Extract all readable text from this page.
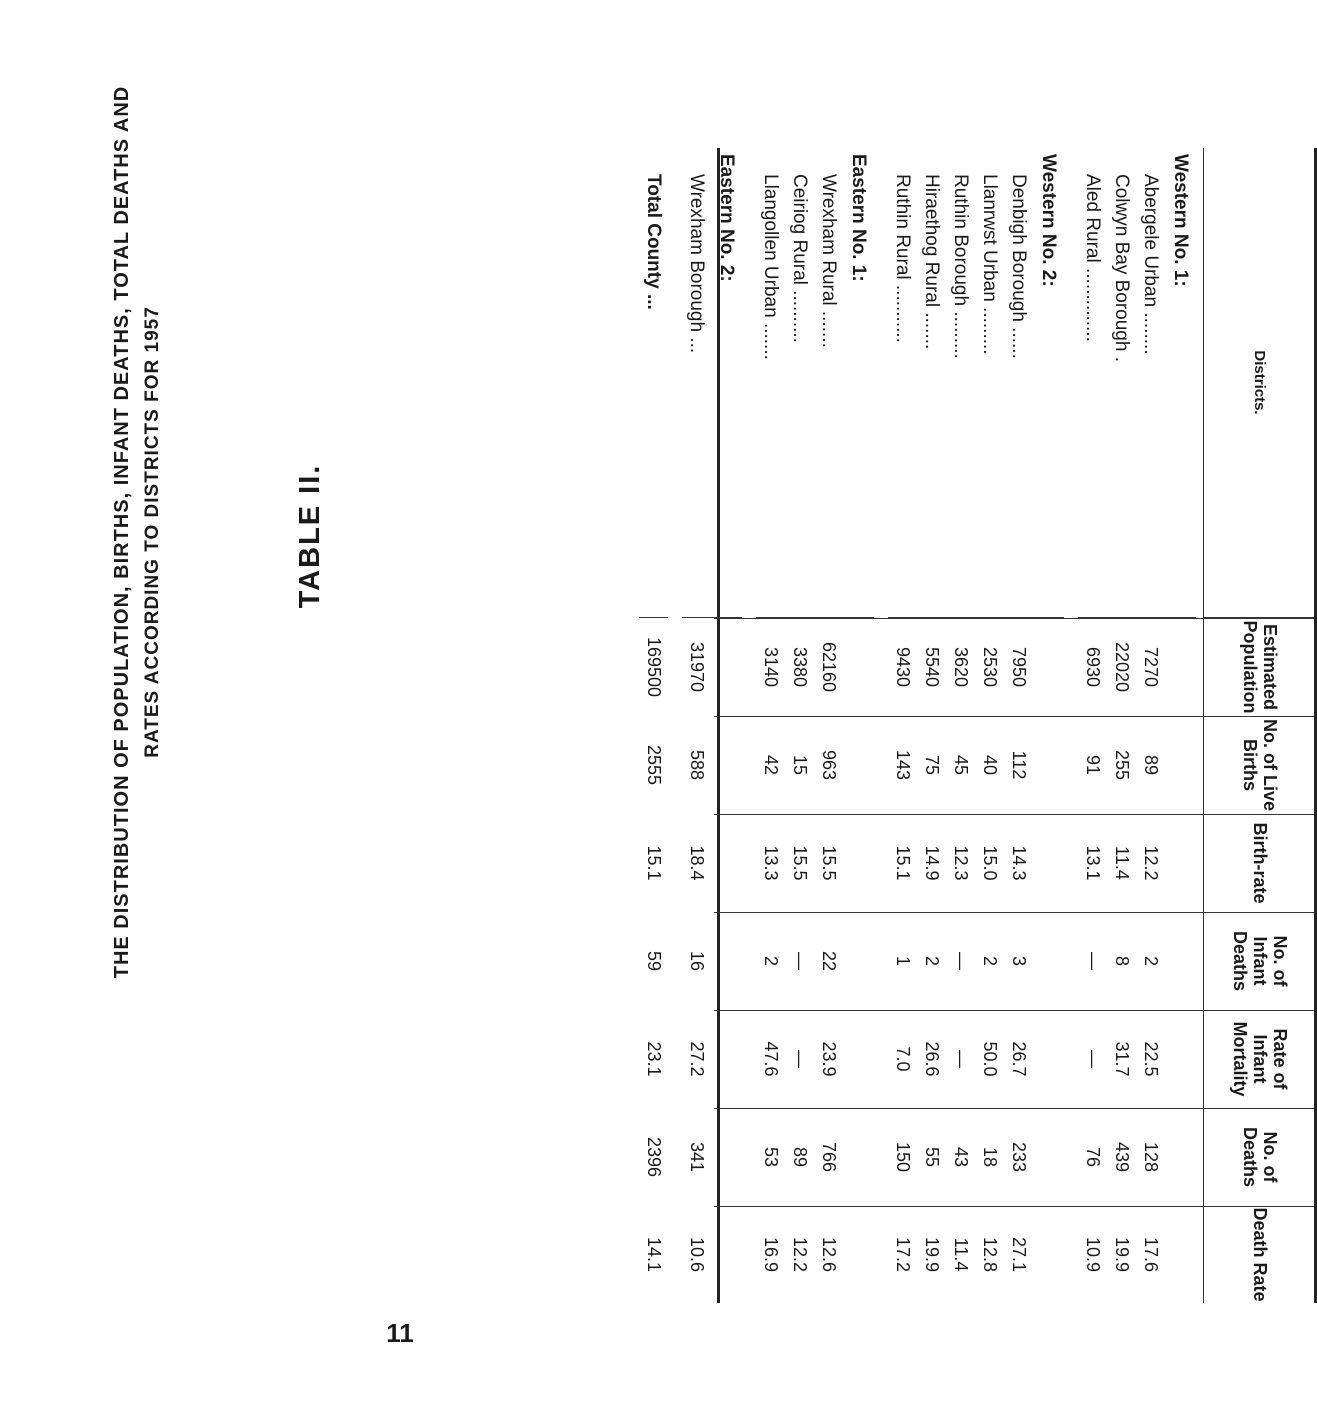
TABLE II.
THE DISTRIBUTION OF POPULATION, BIRTHS, INFANT DEATHS, TOTAL DEATHS AND RATES ACCORDING TO DISTRICTS FOR 1957	Districts.
Estimated Population
No. of Live Births
Birth-rate
No. of Infant Deaths
Rate of Infant Mortality
No. of Deaths
Death Rate
Western No. 1:
Abergele Urban ........
7270
89
12.2
2
22.5
128
17.6
Colwyn Bay Borough .
22020
255
11.4
8
31.7
439
19.9
Aled Rural ..............
6930
91
13.1
—
—
76
10.9
Western No. 2:
Denbigh Borough ......
7950
112
14.3
3
26.7
233
27.1
Llanrwst Urban .........
2530
40
15.0
2
50.0
18
12.8
Ruthin Borough .........
3620
45
12.3
—
—
43
11.4
Hiraethog Rural .......
5540
75
14.9
2
26.6
55
19.9
Ruthin Rural ...........
9430
143
15.1
1
7.0
150
17.2
Eastern No. 1:
Wrexham Rural .......
62160
963
15.5
22
23.9
766
12.6
Ceiriog Rural ..........
3380
15
15.5
—
—
89
12.2
Llangollen Urban .......
3140
42
13.3
2
47.6
53
16.9
Eastern No. 2:
Wrexham Borough ...
31970
588
18.4
16
27.2
341
10.6
Total County ...
169500
2555
15.1
59
23.1
2396
14.1
11
